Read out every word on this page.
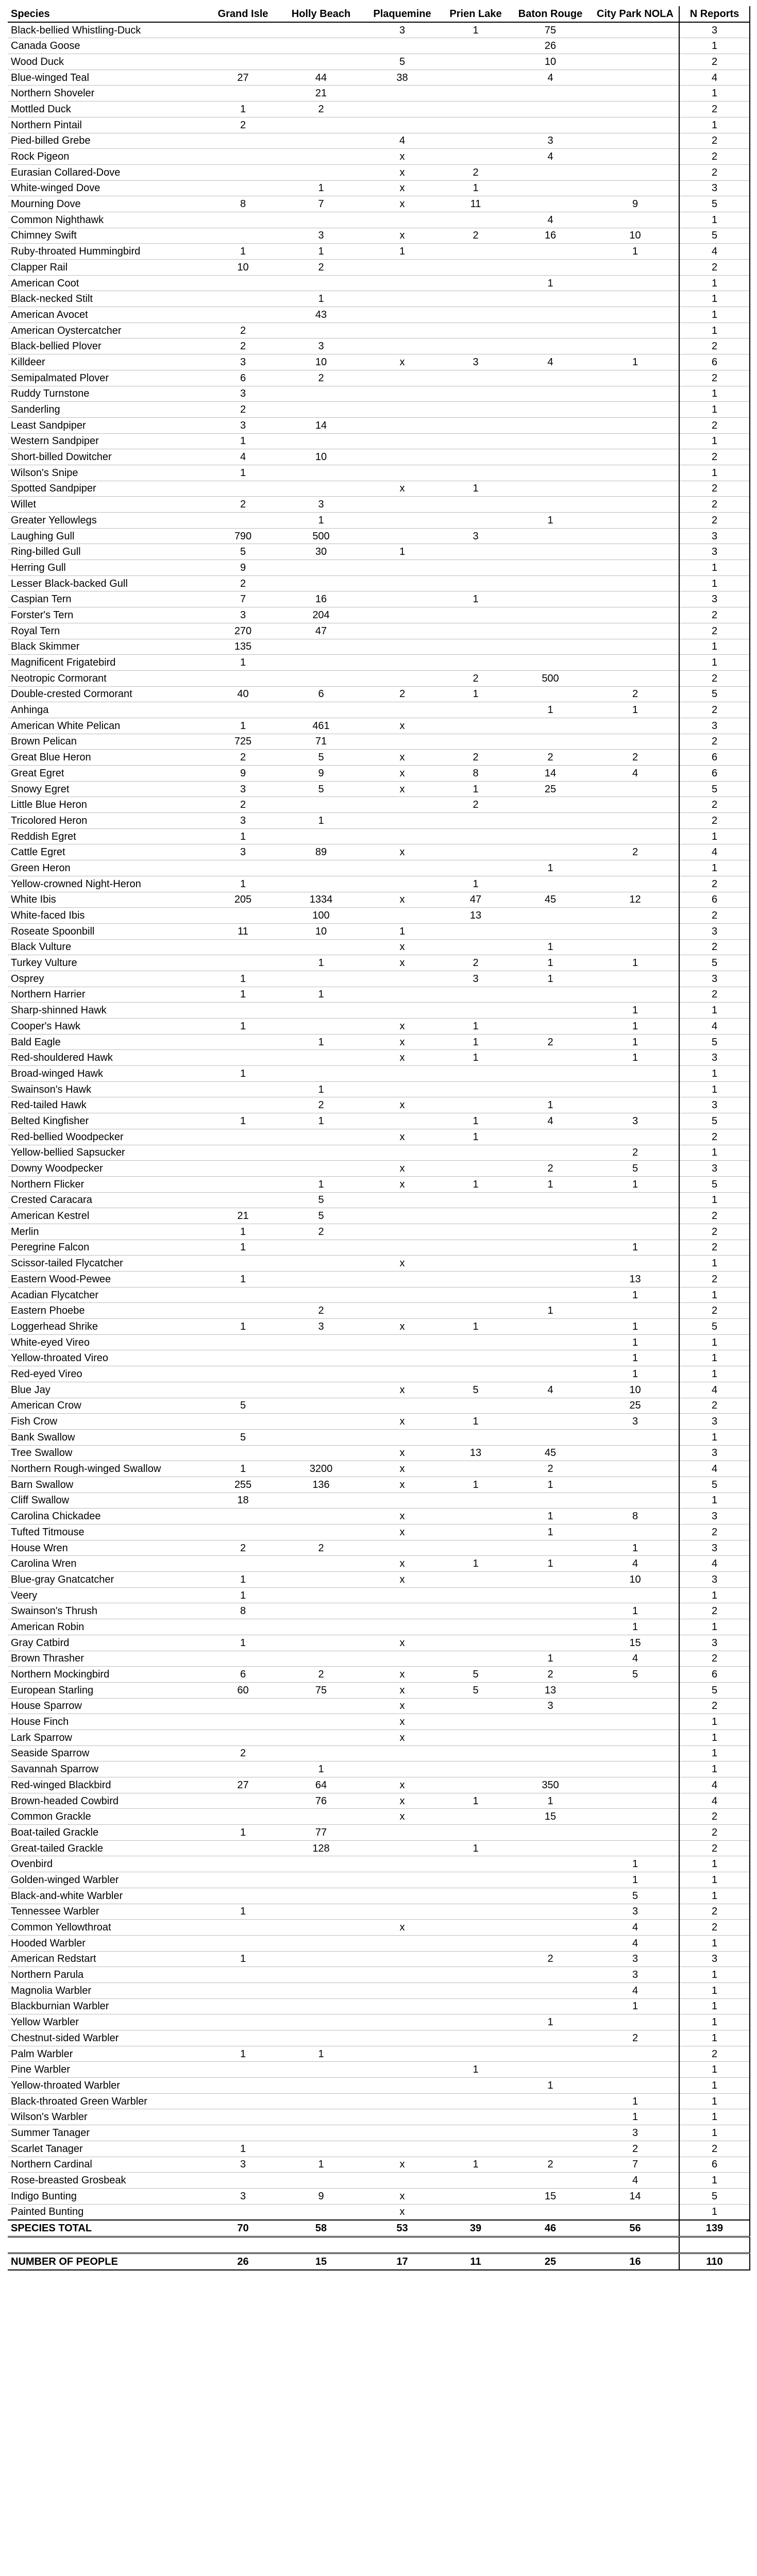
Species	Grand Isle	Holly Beach	Plaquemine	Prien Lake	Baton Rouge	City Park NOLA	N Reports
Black-bellied Whistling-Duck			3	1	75		3
Canada Goose					26		1
Wood Duck			5		10		2
Blue-winged Teal	27	44	38		4		4
Northern Shoveler		21					1
Mottled Duck	1	2					2
Northern Pintail	2						1
Pied-billed Grebe			4		3		2
Rock Pigeon			x		4		2
Eurasian Collared-Dove			x	2			2
White-winged Dove		1	x	1			3
Mourning Dove	8	7	x	11		9	5
Common Nighthawk					4		1
Chimney Swift		3	x	2	16	10	5
Ruby-throated Hummingbird	1	1	1			1	4
Clapper Rail	10	2					2
American Coot					1		1
Black-necked Stilt		1					1
American Avocet		43					1
American Oystercatcher	2						1
Black-bellied Plover	2	3					2
Killdeer	3	10	x	3	4	1	6
Semipalmated Plover	6	2					2
Ruddy Turnstone	3						1
Sanderling	2						1
Least Sandpiper	3	14					2
Western Sandpiper	1						1
Short-billed Dowitcher	4	10					2
Wilson's Snipe	1						1
Spotted Sandpiper			x	1			2
Willet	2	3					2
Greater Yellowlegs		1			1		2
Laughing Gull	790	500		3			3
Ring-billed Gull	5	30	1				3
Herring Gull	9						1
Lesser Black-backed Gull	2						1
Caspian Tern	7	16		1			3
Forster's Tern	3	204					2
Royal Tern	270	47					2
Black Skimmer	135						1
Magnificent Frigatebird	1						1
Neotropic Cormorant				2	500		2
Double-crested Cormorant	40	6	2	1		2	5
Anhinga					1	1	2
American White Pelican	1	461	x				3
Brown Pelican	725	71					2
Great Blue Heron	2	5	x	2	2	2	6
Great Egret	9	9	x	8	14	4	6
Snowy Egret	3	5	x	1	25		5
Little Blue Heron	2			2			2
Tricolored Heron	3	1					2
Reddish Egret	1						1
Cattle Egret	3	89	x			2	4
Green Heron					1		1
Yellow-crowned Night-Heron	1			1			2
White Ibis	205	1334	x	47	45	12	6
White-faced Ibis		100		13			2
Roseate Spoonbill	11	10	1				3
Black Vulture			x		1		2
Turkey Vulture		1	x	2	1	1	5
Osprey	1			3	1		3
Northern Harrier	1	1					2
Sharp-shinned Hawk						1	1
Cooper's Hawk	1		x	1		1	4
Bald Eagle		1	x	1	2	1	5
Red-shouldered Hawk			x	1		1	3
Broad-winged Hawk	1						1
Swainson's Hawk		1					1
Red-tailed Hawk		2	x		1		3
Belted Kingfisher	1	1		1	4	3	5
Red-bellied Woodpecker			x	1			2
Yellow-bellied Sapsucker						2	1
Downy Woodpecker			x		2	5	3
Northern Flicker		1	x	1	1	1	5
Crested Caracara		5					1
American Kestrel	21	5					2
Merlin	1	2					2
Peregrine Falcon	1					1	2
Scissor-tailed Flycatcher			x				1
Eastern Wood-Pewee	1					13	2
Acadian Flycatcher						1	1
Eastern Phoebe		2			1		2
Loggerhead Shrike	1	3	x	1		1	5
White-eyed Vireo						1	1
Yellow-throated Vireo						1	1
Red-eyed Vireo						1	1
Blue Jay			x	5	4	10	4
American Crow	5					25	2
Fish Crow			x	1		3	3
Bank Swallow	5						1
Tree Swallow			x	13	45		3
Northern Rough-winged Swallow	1	3200	x		2		4
Barn Swallow	255	136	x	1	1		5
Cliff Swallow	18						1
Carolina Chickadee			x		1	8	3
Tufted Titmouse			x		1		2
House Wren	2	2				1	3
Carolina Wren			x	1	1	4	4
Blue-gray Gnatcatcher	1		x			10	3
Veery	1						1
Swainson's Thrush	8					1	2
American Robin						1	1
Gray Catbird	1		x			15	3
Brown Thrasher					1	4	2
Northern Mockingbird	6	2	x	5	2	5	6
European Starling	60	75	x	5	13		5
House Sparrow			x		3		2
House Finch			x				1
Lark Sparrow			x				1
Seaside Sparrow	2						1
Savannah Sparrow		1					1
Red-winged Blackbird	27	64	x		350		4
Brown-headed Cowbird		76	x	1	1		4
Common Grackle			x		15		2
Boat-tailed Grackle	1	77					2
Great-tailed Grackle		128		1			2
Ovenbird						1	1
Golden-winged Warbler						1	1
Black-and-white Warbler						5	1
Tennessee Warbler	1					3	2
Common Yellowthroat			x			4	2
Hooded Warbler						4	1
American Redstart	1				2	3	3
Northern Parula						3	1
Magnolia Warbler						4	1
Blackburnian Warbler						1	1
Yellow Warbler					1		1
Chestnut-sided Warbler						2	1
Palm Warbler	1	1					2
Pine Warbler				1			1
Yellow-throated Warbler					1		1
Black-throated Green Warbler						1	1
Wilson's Warbler						1	1
Summer Tanager						3	1
Scarlet Tanager	1					2	2
Northern Cardinal	3	1	x	1	2	7	6
Rose-breasted Grosbeak						4	1
Indigo Bunting	3	9	x		15	14	5
Painted Bunting			x				1
SPECIES TOTAL	70	58	53	39	46	56	139

NUMBER OF PEOPLE	26	15	17	11	25	16	110
